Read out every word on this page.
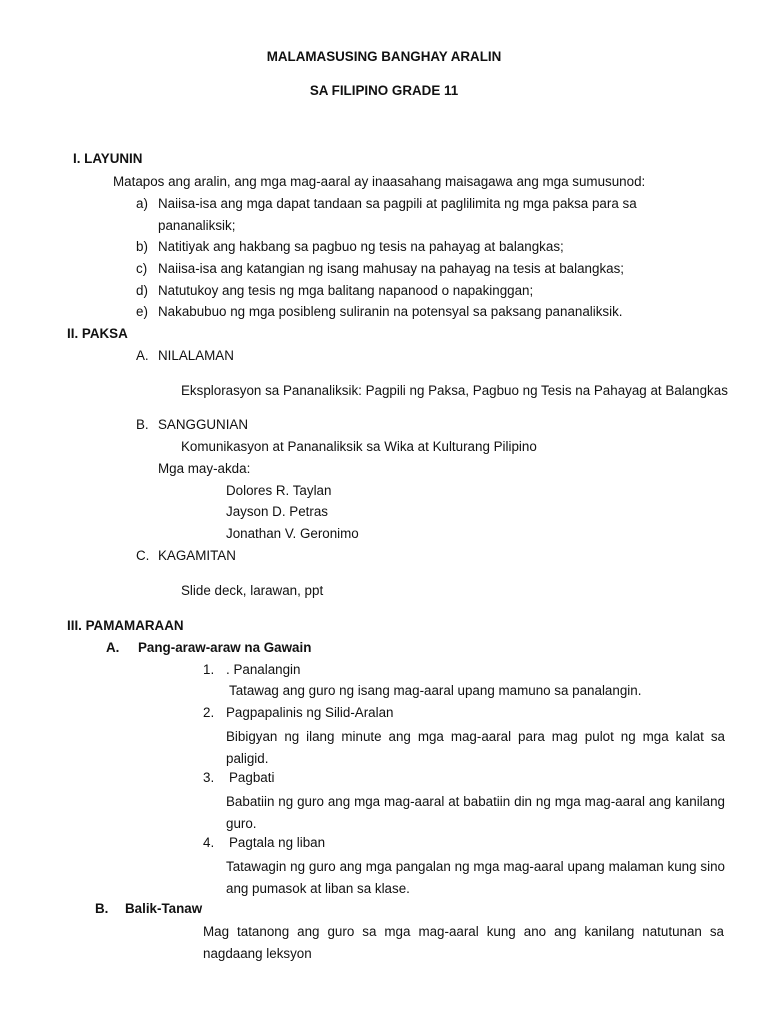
MALAMASUSING BANGHAY ARALIN
SA FILIPINO GRADE 11
I. LAYUNIN
Matapos ang aralin, ang mga mag-aaral ay inaasahang maisagawa ang mga sumusunod:
a) Naiisa-isa ang mga dapat tandaan sa pagpili at paglilimita ng mga paksa para sa
pananaliksik;
b) Natitiyak ang hakbang sa pagbuo ng tesis na pahayag at balangkas;
c) Naiisa-isa ang katangian ng isang mahusay na pahayag na tesis at balangkas;
d) Natutukoy ang tesis ng mga balitang napanood o napakinggan;
e) Nakabubuo ng mga posibleng suliranin na potensyal sa paksang pananaliksik.
II. PAKSA
A. NILALAMAN
Eksplorasyon sa Pananaliksik: Pagpili ng Paksa, Pagbuo ng Tesis na Pahayag at Balangkas
B. SANGGUNIAN
Komunikasyon at Pananaliksik sa Wika at Kulturang Pilipino
Mga may-akda:
Dolores R. Taylan
Jayson D. Petras
Jonathan V. Geronimo
C. KAGAMITAN
Slide deck, larawan, ppt
III. PAMAMARAAN
A. Pang-araw-araw na Gawain
1. . Panalangin
Tatawag ang guro ng isang mag-aaral upang mamuno sa panalangin.
2. Pagpapalinis ng Silid-Aralan
Bibigyan ng ilang minute ang mga mag-aaral para mag pulot ng mga kalat sa paligid.
3. Pagbati
Babatiin ng guro ang mga mag-aaral at babatiin din ng mga mag-aaral ang kanilang guro.
4. Pagtala ng liban
Tatawagin ng guro ang mga pangalan ng mga mag-aaral upang malaman kung sino ang pumasok at liban sa klase.
B. Balik-Tanaw
Mag tatanong ang guro sa mga mag-aaral kung ano ang kanilang natutunan sa nagdaang leksyon
